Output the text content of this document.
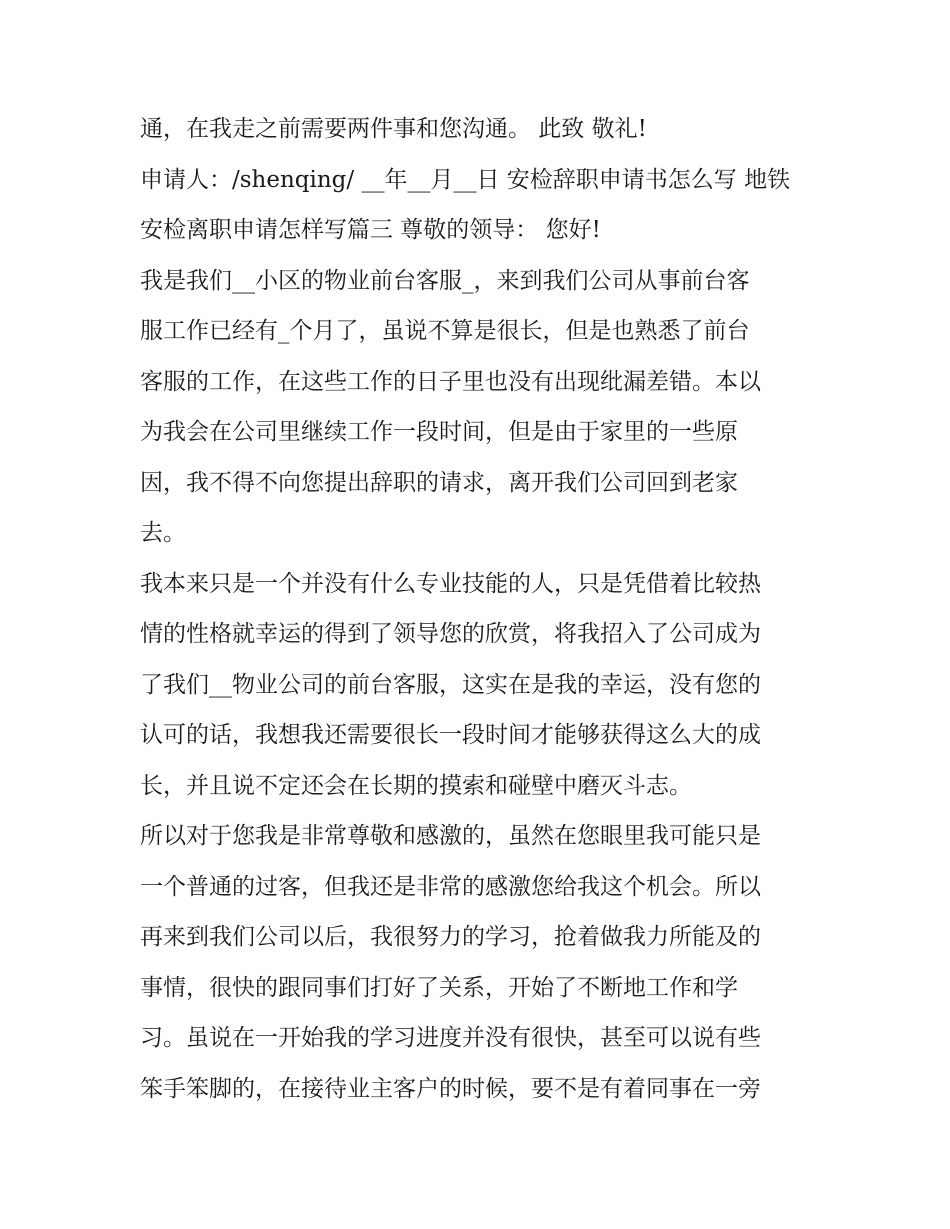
通，在我走之前需要两件事和您沟通。 此致 敬礼!

申请人：/shenqing/ __年__月__日 安检辞职申请书怎么写 地铁

安检离职申请怎样写篇三 尊敬的领导： 您好!

我是我们__小区的物业前台客服_，来到我们公司从事前台客

服工作已经有_个月了，虽说不算是很长，但是也熟悉了前台

客服的工作，在这些工作的日子里也没有出现纰漏差错。本以

为我会在公司里继续工作一段时间，但是由于家里的一些原

因，我不得不向您提出辞职的请求，离开我们公司回到老家

去。

我本来只是一个并没有什么专业技能的人，只是凭借着比较热

情的性格就幸运的得到了领导您的欣赏，将我招入了公司成为

了我们__物业公司的前台客服，这实在是我的幸运，没有您的

认可的话，我想我还需要很长一段时间才能够获得这么大的成

长，并且说不定还会在长期的摸索和碰壁中磨灭斗志。

所以对于您我是非常尊敬和感激的，虽然在您眼里我可能只是

一个普通的过客，但我还是非常的感激您给我这个机会。所以

再来到我们公司以后，我很努力的学习，抢着做我力所能及的

事情，很快的跟同事们打好了关系，开始了不断地工作和学

习。虽说在一开始我的学习进度并没有很快，甚至可以说有些

笨手笨脚的，在接待业主客户的时候，要不是有着同事在一旁
